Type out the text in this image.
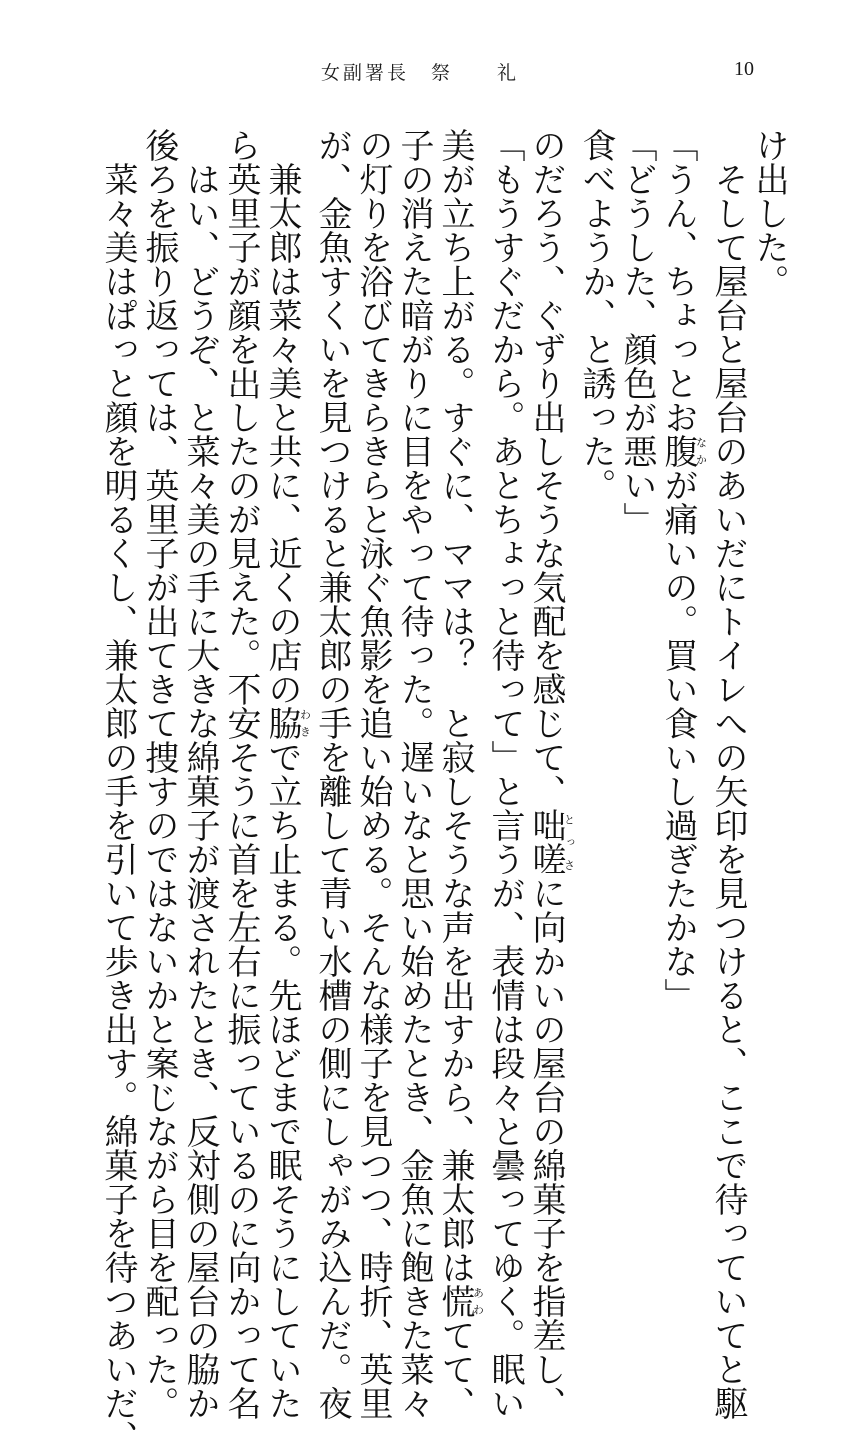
女副署長　祭　　礼	10
け出した。
そして屋台と屋台のあいだにトイレへの矢印を見つけると、ここで待っていてと駆
「うん、ちょっとお腹なかが痛いの。買い食いし過ぎたかな」
「どうした、顔色が悪い」
食べようか、と誘った。
のだろう、ぐずり出しそうな気配を感じて、咄嗟とっさに向かいの屋台の綿菓子を指差し、
「もうすぐだから。あとちょっと待って」と言うが、表情は段々と曇ってゆく。眠い
美が立ち上がる。すぐに、ママは？　と寂しそうな声を出すから、兼太郎は慌あわてて、
子の消えた暗がりに目をやって待った。遅いなと思い始めたとき、金魚に飽きた菜々
の灯りを浴びてきらきらと泳ぐ魚影を追い始める。そんな様子を見つつ、時折、英里
が、金魚すくいを見つけると兼太郎の手を離して青い水槽の側にしゃがみ込んだ。夜
兼太郎は菜々美と共に、近くの店の脇わきで立ち止まる。先ほどまで眠そうにしていた
ら英里子が顔を出したのが見えた。不安そうに首を左右に振っているのに向かって名
はい、どうぞ、と菜々美の手に大きな綿菓子が渡されたとき、反対側の屋台の脇か
後ろを振り返っては、英里子が出てきて捜すのではないかと案じながら目を配った。
菜々美はぱっと顔を明るくし、兼太郎の手を引いて歩き出す。綿菓子を待つあいだ、
